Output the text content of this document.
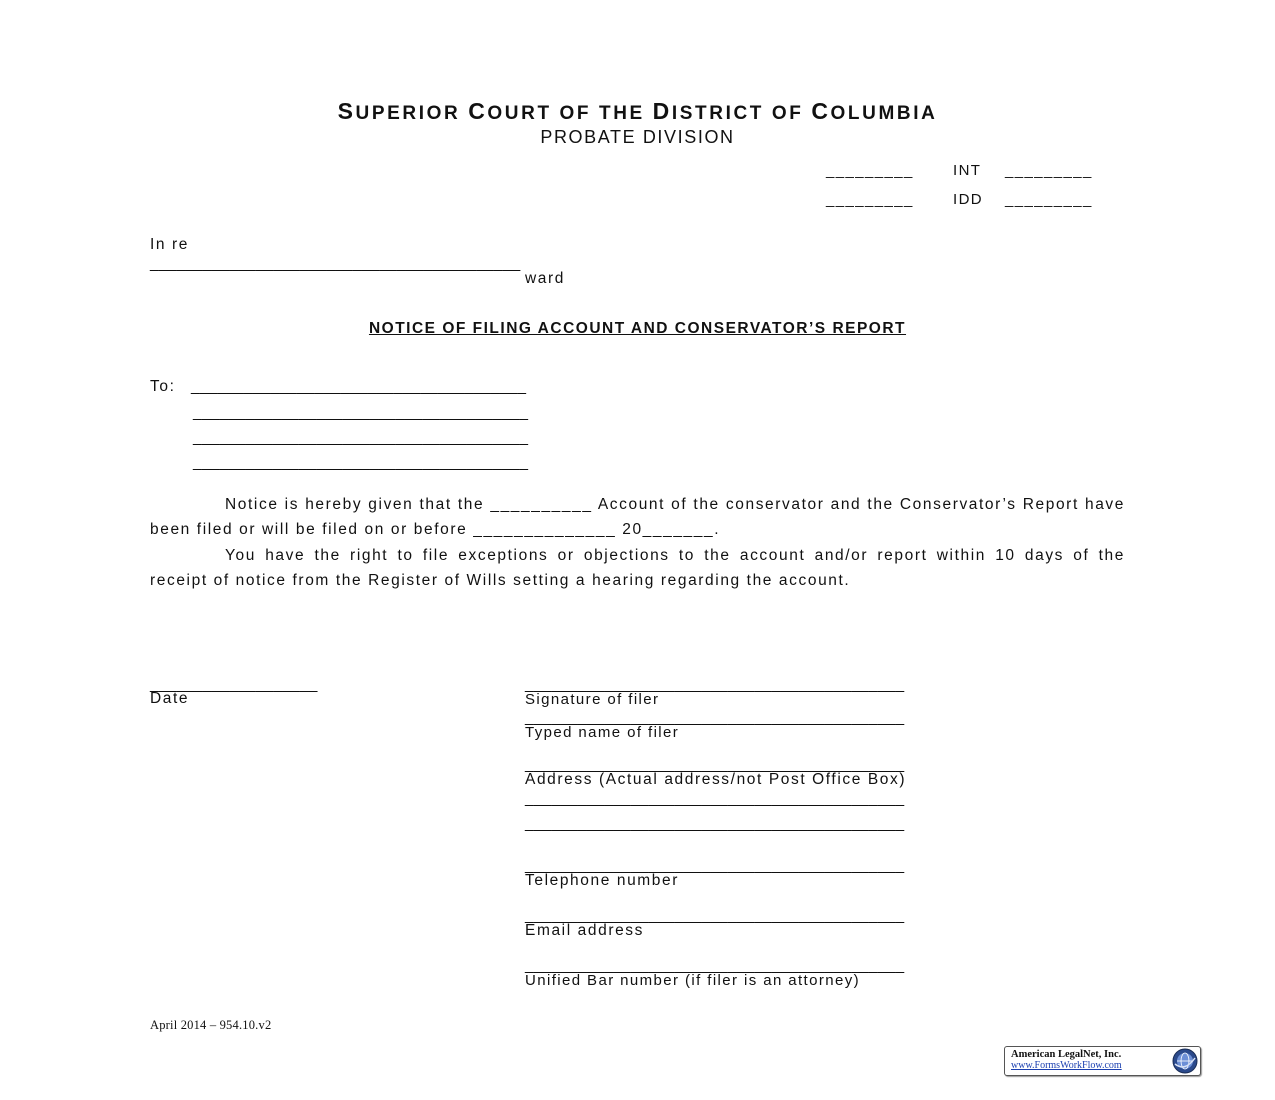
SUPERIOR COURT OF THE DISTRICT OF COLUMBIA
PROBATE DIVISION
_________	INT _________
_________	IDD _________
In re
__________________________________________
ward
NOTICE OF FILING ACCOUNT AND CONSERVATOR’S REPORT
To: ______________________________________
______________________________________
______________________________________
______________________________________

Notice is hereby given that the __________ Account of the conservator and the Conservator’s Report have been filed or will be filed on or before ______________ 20_______.

You have the right to file exceptions or objections to the account and/or report within 10 days of the receipt of notice from the Register of Wills setting a hearing regarding the account.

___________________
Date
___________________________________________
Signature of filer
___________________________________________
Typed name of filer
___________________________________________
Address (Actual address/not Post Office Box)
___________________________________________
___________________________________________
___________________________________________
Telephone number
___________________________________________
Email address
___________________________________________
Unified Bar number (if filer is an attorney)
April 2014 – 954.10.v2
American LegalNet, Inc.
www.FormsWorkFlow.com
